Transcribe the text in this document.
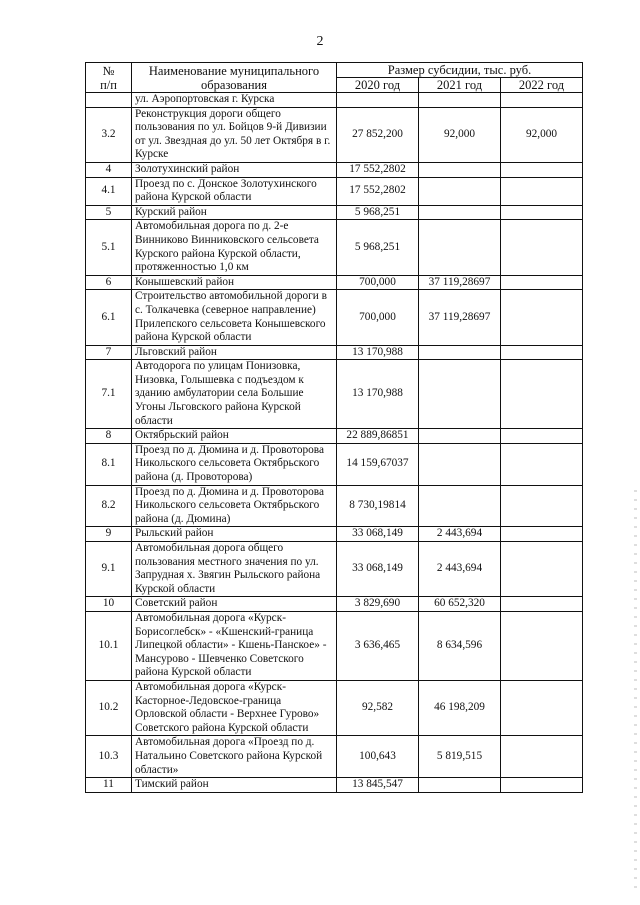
2
№
п/п	Наименование муниципального образования	Размер субсидии, тыс. руб.		
		2020 год	2021 год	2022 год
	ул. Аэропортовская г. Курска			
3.2	Реконструкция дороги общего пользования по ул. Бойцов 9-й Дивизии от ул. Звездная до ул. 50 лет Октября в г. Курске	27 852,200	92,000	92,000
4	Золотухинский район	17 552,2802		
4.1	Проезд по с. Донское Золотухинского района Курской области	17 552,2802		
5	Курский район	5 968,251		
5.1	Автомобильная дорога по д. 2-е Винниково Винниковского сельсовета Курского района Курской области, протяженностью 1,0 км	5 968,251		
6	Конышевский район	700,000	37 119,28697	
6.1	Строительство автомобильной дороги в с. Толкачевка (северное направление) Прилепского сельсовета Конышевского района Курской области	700,000	37 119,28697	
7	Льговский район	13 170,988		
7.1	Автодорога по улицам Понизовка, Низовка, Голышевка с подъездом к зданию амбулатории села Большие Угоны Льговского района Курской области	13 170,988		
8	Октябрьский район	22 889,86851		
8.1	Проезд по д. Дюмина и д. Провоторова Никольского сельсовета Октябрьского района (д. Провоторова)	14 159,67037		
8.2	Проезд по д. Дюмина и д. Провоторова Никольского сельсовета Октябрьского района (д. Дюмина)	8 730,19814		
9	Рыльский район	33 068,149	2 443,694	
9.1	Автомобильная дорога общего пользования местного значения по ул. Запрудная х. Звягин Рыльского района Курской области	33 068,149	2 443,694	
10	Советский район	3 829,690	60 652,320	
10.1	Автомобильная дорога «Курск-Борисоглебск» - «Кшенский-граница Липецкой области» - Кшень-Панское» - Мансурово - Шевченко Советского района Курской области	3 636,465	8 634,596	
10.2	Автомобильная дорога «Курск-Касторное-Ледовское-граница Орловской области - Верхнее Гурово» Советского района Курской области	92,582	46 198,209	
10.3	Автомобильная дорога «Проезд по д. Натальино Советского района Курской области»	100,643	5 819,515	
11	Тимский район	13 845,547		
